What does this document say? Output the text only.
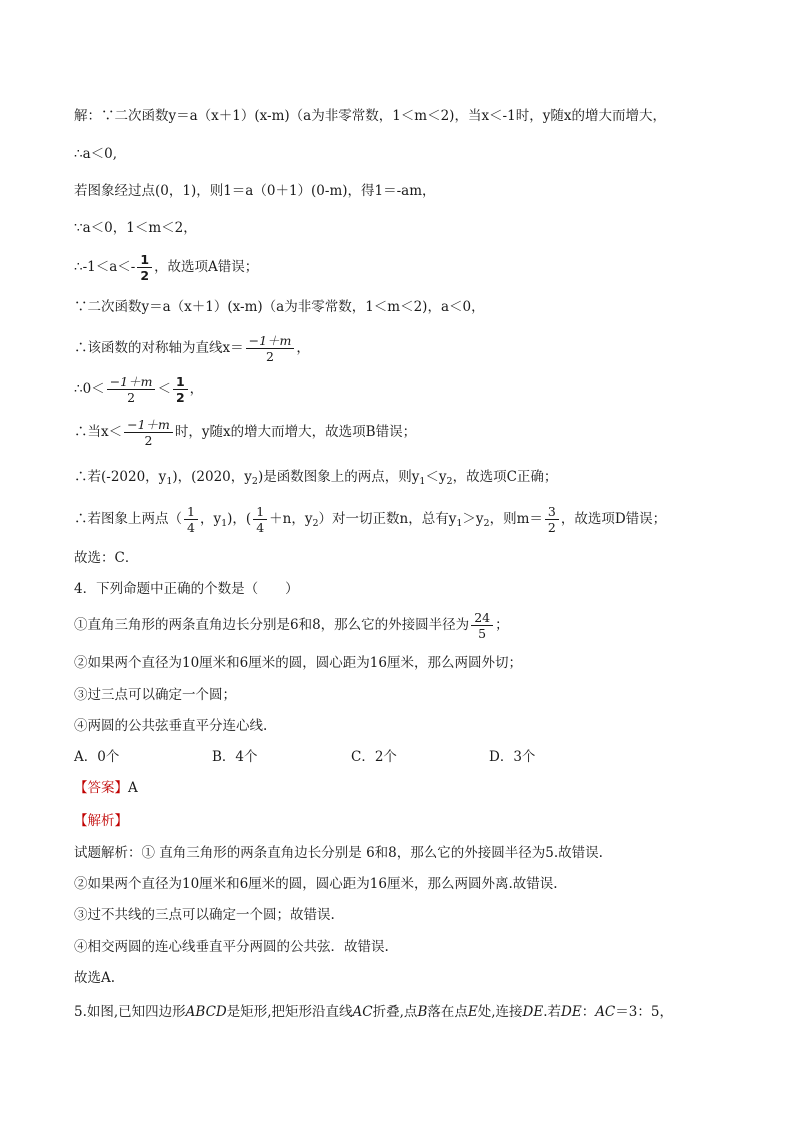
解：∵二次函数y＝a（x＋1）(x-m)（a为非零常数，1＜m＜2)，当x＜-1时，y随x的增大而增大，
∴a＜0,
若图象经过点(0，1)，则1＝a（0＋1）(0-m)，得1＝-am，
∵a＜0，1＜m＜2，
∴-1＜a＜- $\frac{1}{2}$ ，故选项A错误；
∵二次函数y＝a（x＋1）(x-m)（a为非零常数，1＜m＜2)，a＜0，
∴该函数的对称轴为直线$x= \frac{-1+m}{2}$ ，
∴0＜ $\frac{-1+m}{2} < \frac{1}{2}$ ，
∴当$x< \frac{-1+m}{2}$ 时，y随x的增大而增大，故选项B错误；
∴若(-2020，$y_1$)，(2020，$y_2$)是函数图象上的两点，则$y_1<y_2$，故选项C正确；
∴若图象上两点（ $\frac{1}{4}$ ，$y_1$)，( $\frac{1}{4} +n$，$y_2$）对一切正数n，总有$y_1>y_2$，则$m= \frac{3}{2}$ ，故选项D错误；
故选：C．
4．下列命题中正确的个数是（　　）
①直角三角形的两条直角边长分别是6和8，那么它的外接圆半径为 $\frac{24}{5}$ ；
②如果两个直径为10厘米和6厘米的圆，圆心距为16厘米，那么两圆外切；
③过三点可以确定一个圆；
④两圆的公共弦垂直平分连心线.
A．0个	B．4个	C．2个	D．3个
【答案】A
【解析】
试题解析：① 直角三角形的两条直角边长分别是 6和8，那么它的外接圆半径为5.故错误.
②如果两个直径为10厘米和6厘米的圆，圆心距为16厘米，那么两圆外离.故错误.
③过不共线的三点可以确定一个圆；故错误.
④相交两圆的连心线垂直平分两圆的公共弦．故错误.
故选A.
5.如图,已知四边形ABCD是矩形,把矩形沿直线AC折叠,点B落在点E处,连接DE.若DE：AC＝3：5，
